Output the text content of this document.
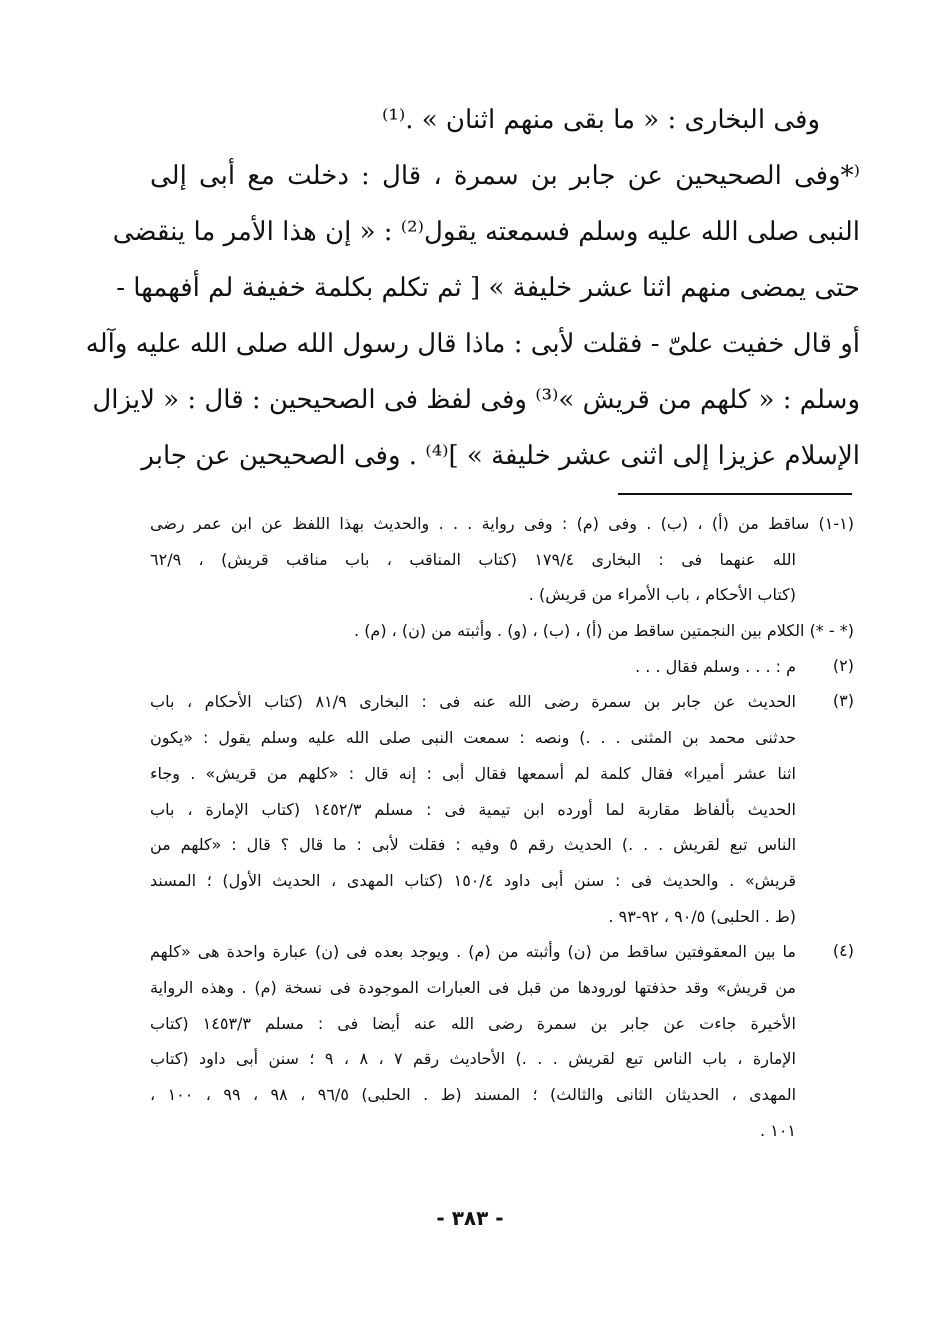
وفى البخارى : « ما بقى منهم اثنان » .⁽¹⁾
⁽*وفى الصحيحين عن جابر بن سمرة ، قال : دخلت مع أبى إلى
النبى صلى الله عليه وسلم فسمعته يقول⁽²⁾ : « إن هذا الأمر ما ينقضى
حتى يمضى منهم اثنا عشر خليفة » [ ثم تكلم بكلمة خفيفة لم أفهمها -
أو قال خفيت علىّ - فقلت لأبى : ماذا قال رسول الله صلى الله عليه وآله
وسلم : « كلهم من قريش »⁽³⁾ وفى لفظ فى الصحيحين : قال : « لايزال
الإسلام عزيزا إلى اثنى عشر خليفة » ]⁽⁴⁾ . وفى الصحيحين عن جابر
(١-١) ساقط من (أ) ، (ب) . وفى (م) : وفى رواية . . . والحديث بهذا اللفظ عن ابن عمر رضى
الله عنهما فى : البخارى ١٧٩/٤ (كتاب المناقب ، باب مناقب قريش) ، ٦٢/٩
(كتاب الأحكام ، باب الأمراء من قريش) .
(* - *) الكلام بين النجمتين ساقط من (أ) ، (ب) ، (و) . وأثبته من (ن) ، (م) .
(٢)
م : . . . وسلم فقال . . .
(٣)
الحديث عن جابر بن سمرة رضى الله عنه فى : البخارى ٨١/٩ (كتاب الأحكام ، باب
حدثنى محمد بن المثنى . . .) ونصه : سمعت النبى صلى الله عليه وسلم يقول : «يكون
اثنا عشر أميرا» فقال كلمة لم أسمعها فقال أبى : إنه قال : «كلهم من قريش» . وجاء
الحديث بألفاظ مقاربة لما أورده ابن تيمية فى : مسلم ١٤٥٢/٣ (كتاب الإمارة ، باب
الناس تبع لقريش . . .) الحديث رقم ٥ وفيه : فقلت لأبى : ما قال ؟ قال : «كلهم من
قريش» . والحديث فى : سنن أبى داود ١٥٠/٤ (كتاب المهدى ، الحديث الأول) ؛ المسند
(ط . الحلبى) ٩٠/٥ ، ٩٢-٩٣ .
(٤)
ما بين المعقوفتين ساقط من (ن) وأثبته من (م) . ويوجد بعده فى (ن) عبارة واحدة هى «كلهم
من قريش» وقد حذفتها لورودها من قبل فى العبارات الموجودة فى نسخة (م) . وهذه الرواية
الأخيرة جاءت عن جابر بن سمرة رضى الله عنه أيضا فى : مسلم ١٤٥٣/٣ (كتاب
الإمارة ، باب الناس تبع لقريش . . .) الأحاديث رقم ٧ ، ٨ ، ٩ ؛ سنن أبى داود (كتاب
المهدى ، الحديثان الثانى والثالث) ؛ المسند (ط . الحلبى) ٩٦/٥ ، ٩٨ ، ٩٩ ، ١٠٠ ،
١٠١ .
- ٣٨٣ -
